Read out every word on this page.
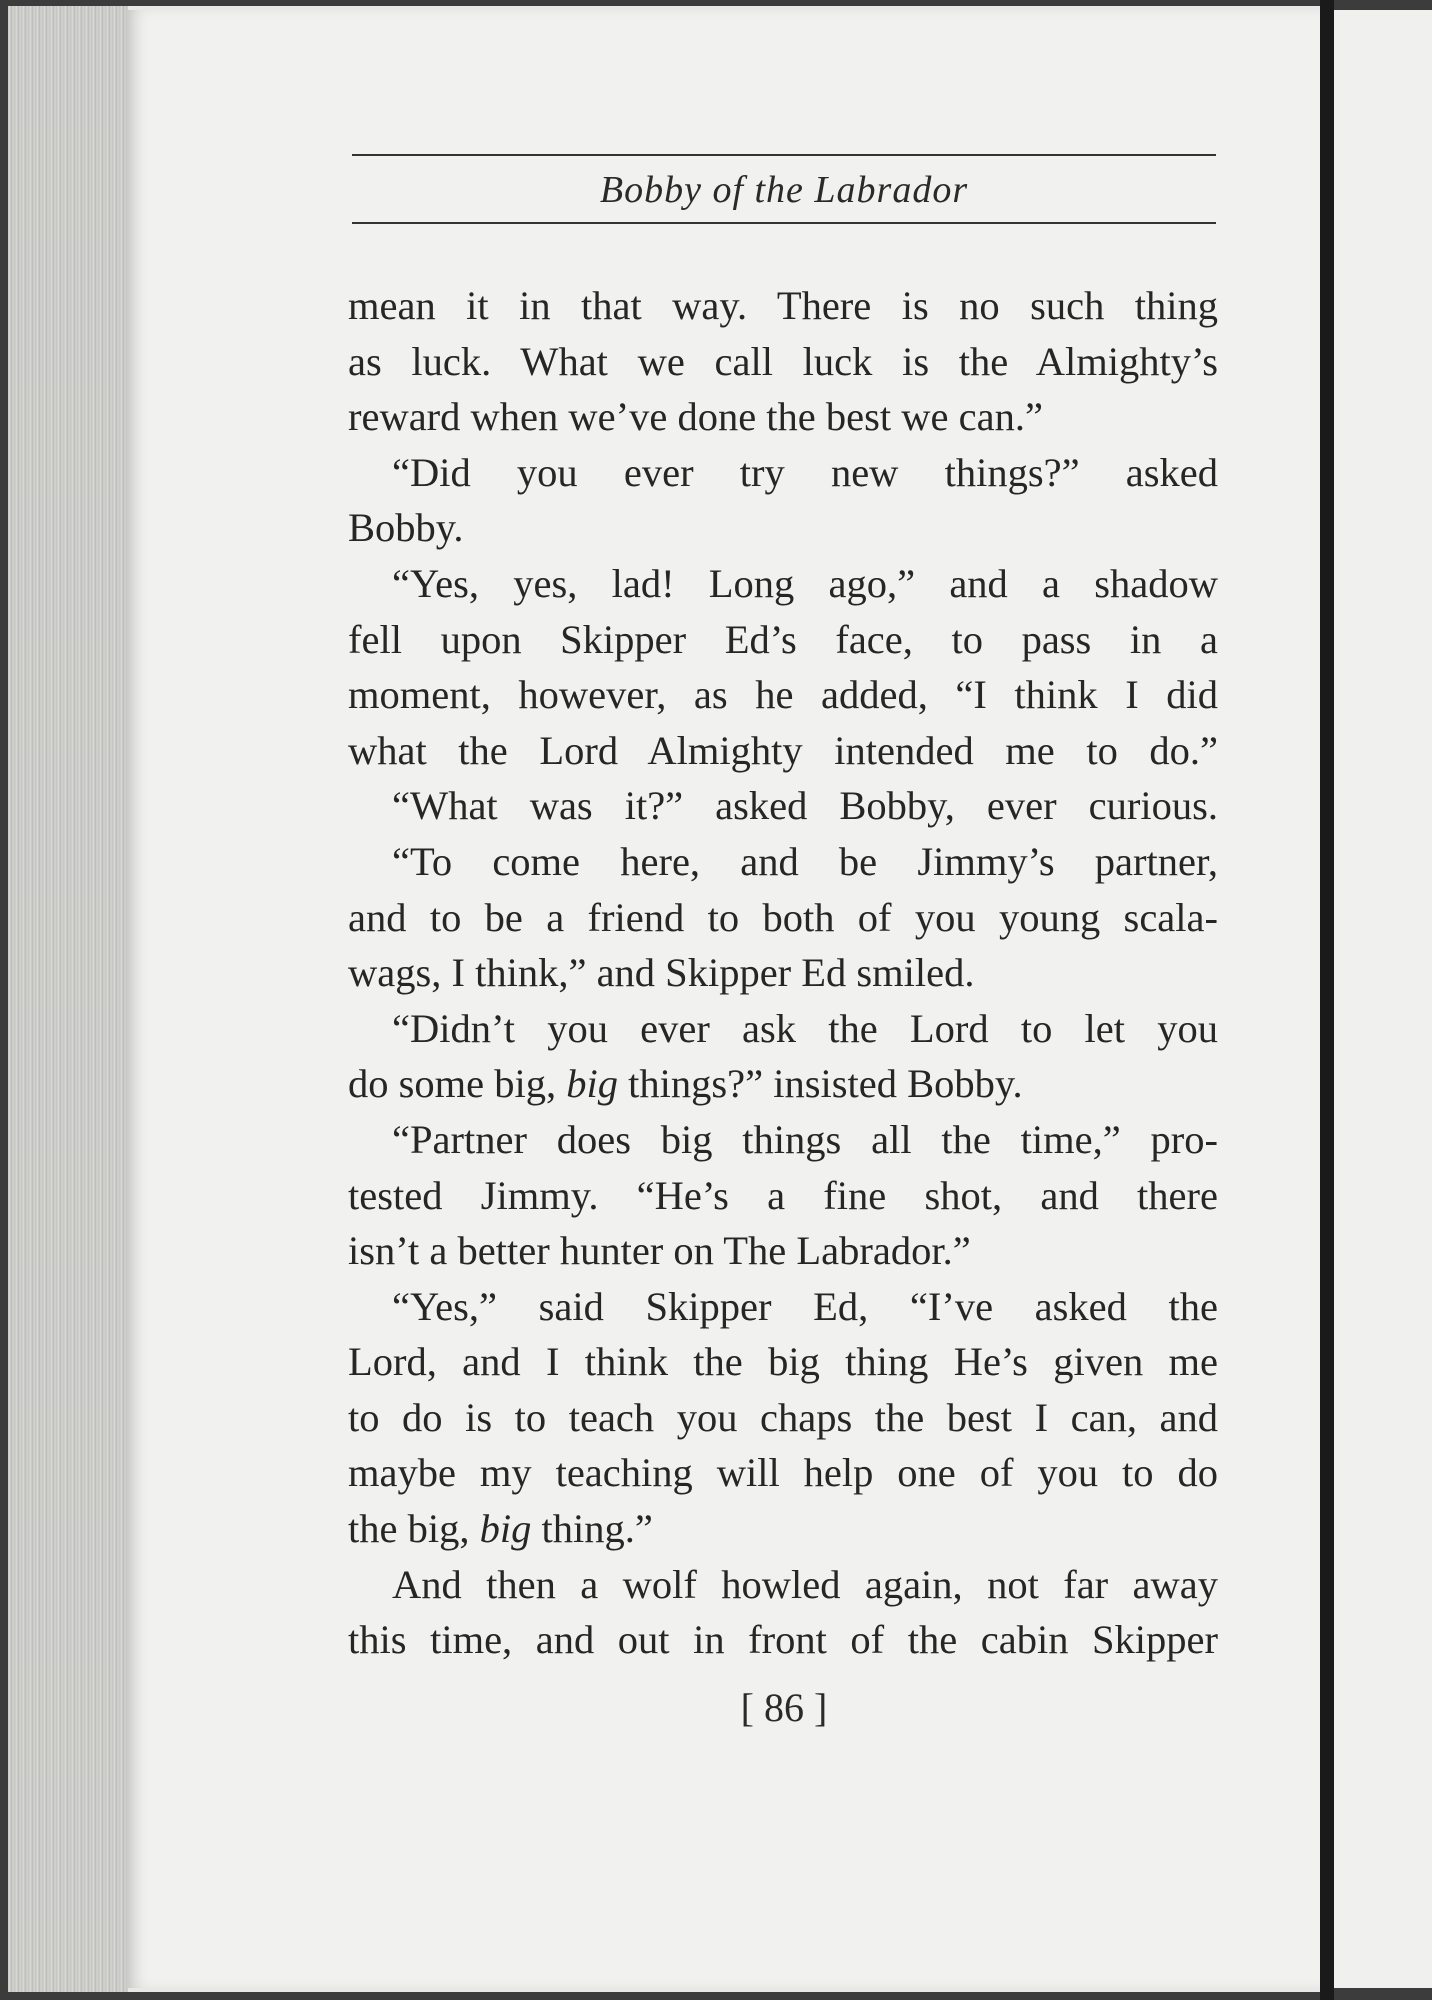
Bobby of the Labrador
mean it in that way. There is no such thing
as luck. What we call luck is the Almighty’s
reward when we’ve done the best we can.”
“Did you ever try new things?” asked
Bobby.
“Yes, yes, lad! Long ago,” and a shadow
fell upon Skipper Ed’s face, to pass in a
moment, however, as he added, “I think I did
what the Lord Almighty intended me to do.”
“What was it?” asked Bobby, ever curious.
“To come here, and be Jimmy’s partner,
and to be a friend to both of you young scala-
wags, I think,” and Skipper Ed smiled.
“Didn’t you ever ask the Lord to let you
do some big, big things?” insisted Bobby.
“Partner does big things all the time,” pro-
tested Jimmy. “He’s a fine shot, and there
isn’t a better hunter on The Labrador.”
“Yes,” said Skipper Ed, “I’ve asked the
Lord, and I think the big thing He’s given me
to do is to teach you chaps the best I can, and
maybe my teaching will help one of you to do
the big, big thing.”
And then a wolf howled again, not far away
this time, and out in front of the cabin Skipper
[ 86 ]
